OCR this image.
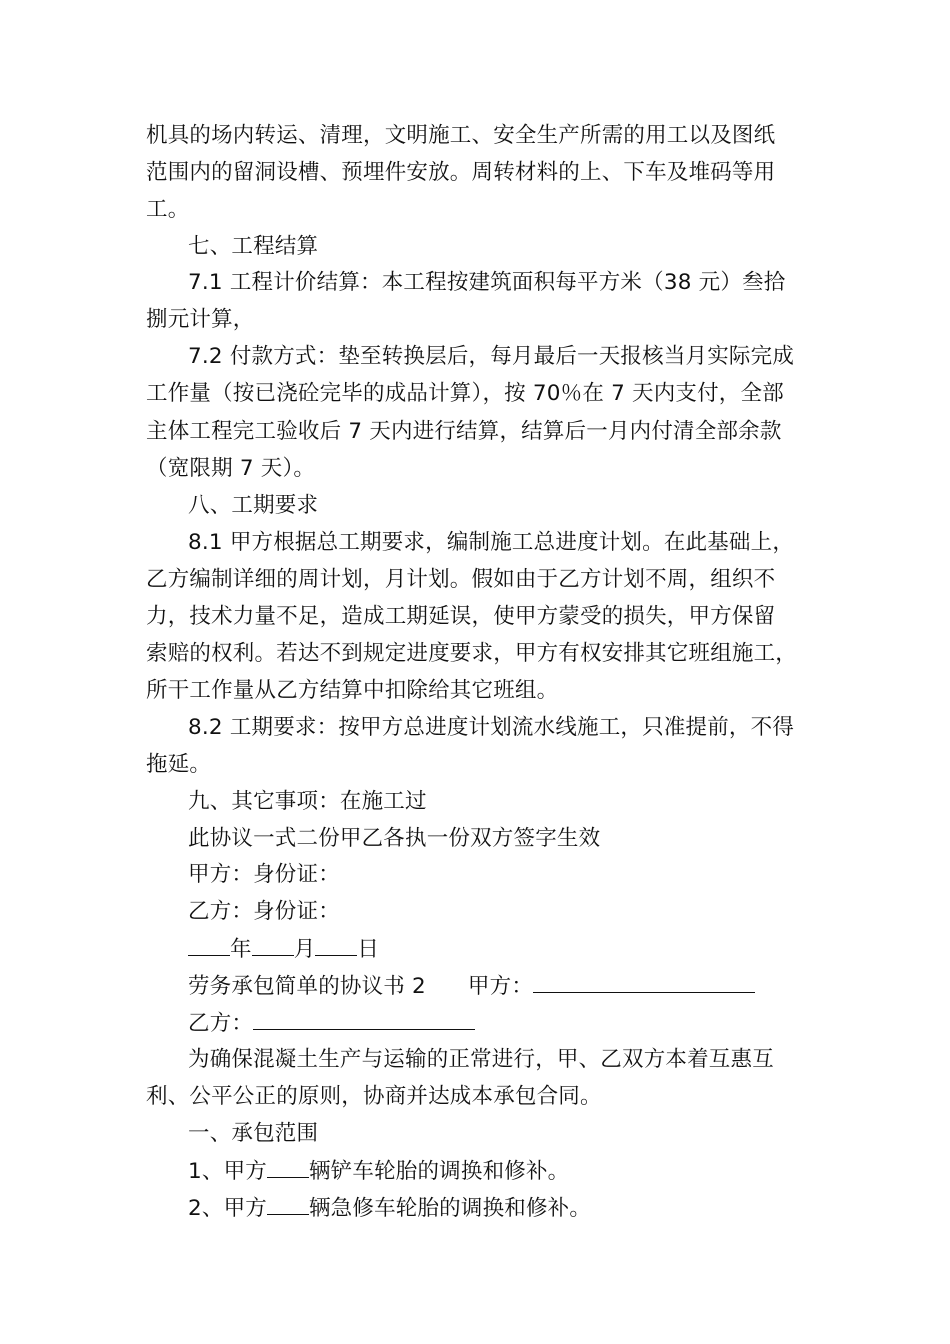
机具的场内转运、清理，文明施工、安全生产所需的用工以及图纸
范围内的留洞设槽、预埋件安放。周转材料的上、下车及堆码等用
工。
七、工程结算
7.1 工程计价结算：本工程按建筑面积每平方米（38 元）叁拾
捌元计算，
7.2 付款方式：垫至转换层后，每月最后一天报核当月实际完成
工作量（按已浇砼完毕的成品计算），按 70％在 7 天内支付，全部
主体工程完工验收后 7 天内进行结算，结算后一月内付清全部余款
（宽限期 7 天）。
八、工期要求
8.1 甲方根据总工期要求，编制施工总进度计划。在此基础上，
乙方编制详细的周计划，月计划。假如由于乙方计划不周，组织不
力，技术力量不足，造成工期延误，使甲方蒙受的损失，甲方保留
索赔的权利。若达不到规定进度要求，甲方有权安排其它班组施工，
所干工作量从乙方结算中扣除给其它班组。
8.2 工期要求：按甲方总进度计划流水线施工，只准提前，不得
拖延。
九、其它事项：在施工过
此协议一式二份甲乙各执一份双方签字生效
甲方：身份证：
乙方：身份证：
年 月 日
劳务承包简单的协议书 2 甲方：
乙方：
为确保混凝土生产与运输的正常进行，甲、乙双方本着互惠互
利、公平公正的原则，协商并达成本承包合同。
一、承包范围
1、甲方 辆铲车轮胎的调换和修补。
2、甲方 辆急修车轮胎的调换和修补。
